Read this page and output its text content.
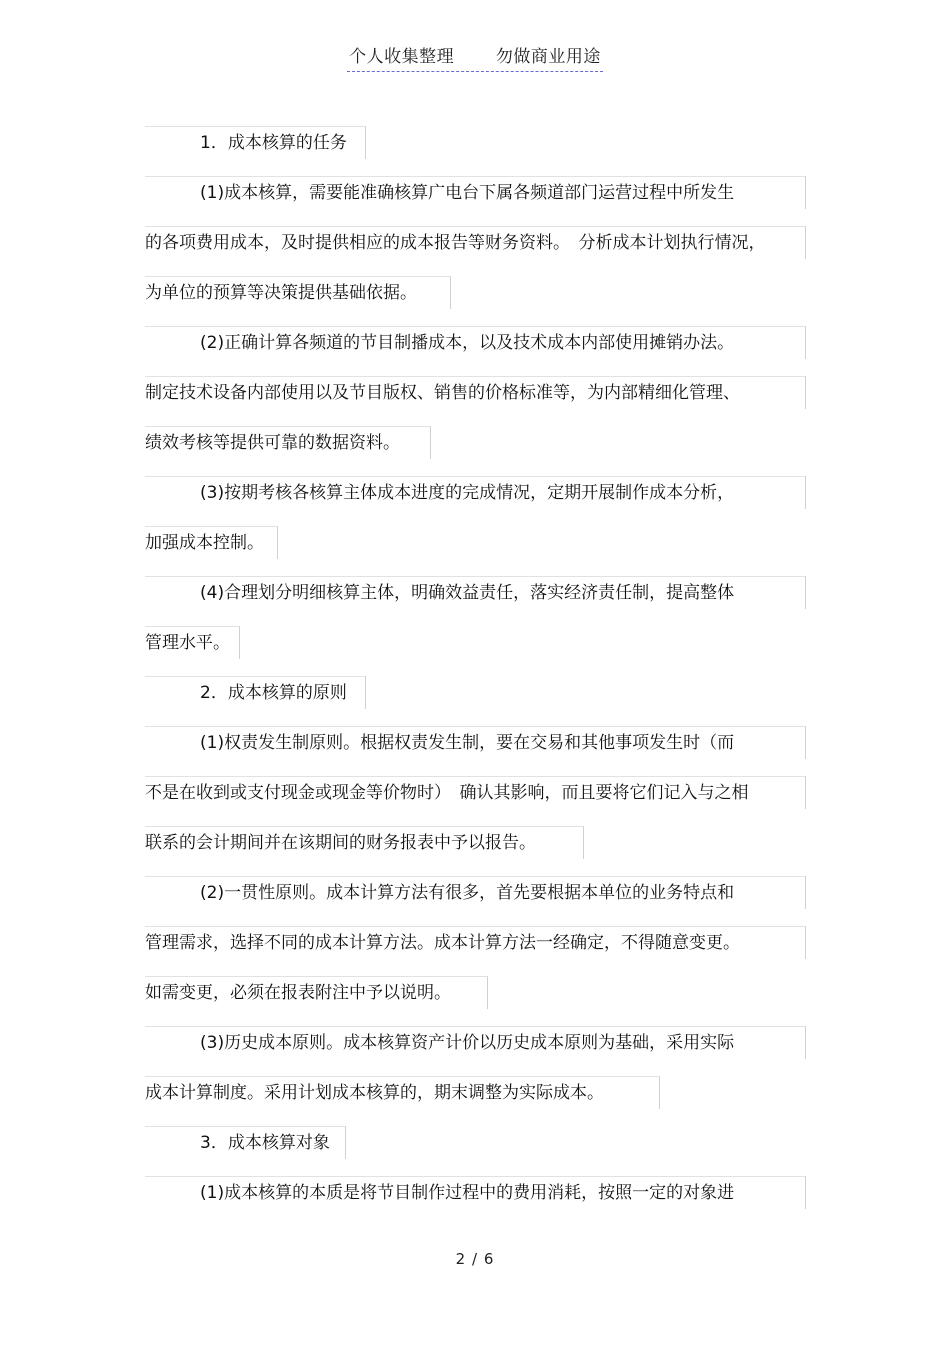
个人收集整理 勿做商业用途
1．成本核算的任务
(1)成本核算，需要能准确核算广电台下属各频道部门运营过程中所发生
的各项费用成本，及时提供相应的成本报告等财务资料。　分析成本计划执行情况，
为单位的预算等决策提供基础依据。
(2)正确计算各频道的节目制播成本，以及技术成本内部使用摊销办法。
制定技术设备内部使用以及节目版权、销售的价格标准等，为内部精细化管理、
绩效考核等提供可靠的数据资料。
(3)按期考核各核算主体成本进度的完成情况，定期开展制作成本分析，
加强成本控制。
(4)合理划分明细核算主体，明确效益责任，落实经济责任制，提高整体
管理水平。
2．成本核算的原则
(1)权责发生制原则。根据权责发生制，要在交易和其他事项发生时（而
不是在收到或支付现金或现金等价物时）　确认其影响，而且要将它们记入与之相
联系的会计期间并在该期间的财务报表中予以报告。
(2)一贯性原则。成本计算方法有很多，首先要根据本单位的业务特点和
管理需求，选择不同的成本计算方法。成本计算方法一经确定，不得随意变更。
如需变更，必须在报表附注中予以说明。
(3)历史成本原则。成本核算资产计价以历史成本原则为基础，采用实际
成本计算制度。采用计划成本核算的，期末调整为实际成本。
3．成本核算对象
(1)成本核算的本质是将节目制作过程中的费用消耗，按照一定的对象进
2 / 6
